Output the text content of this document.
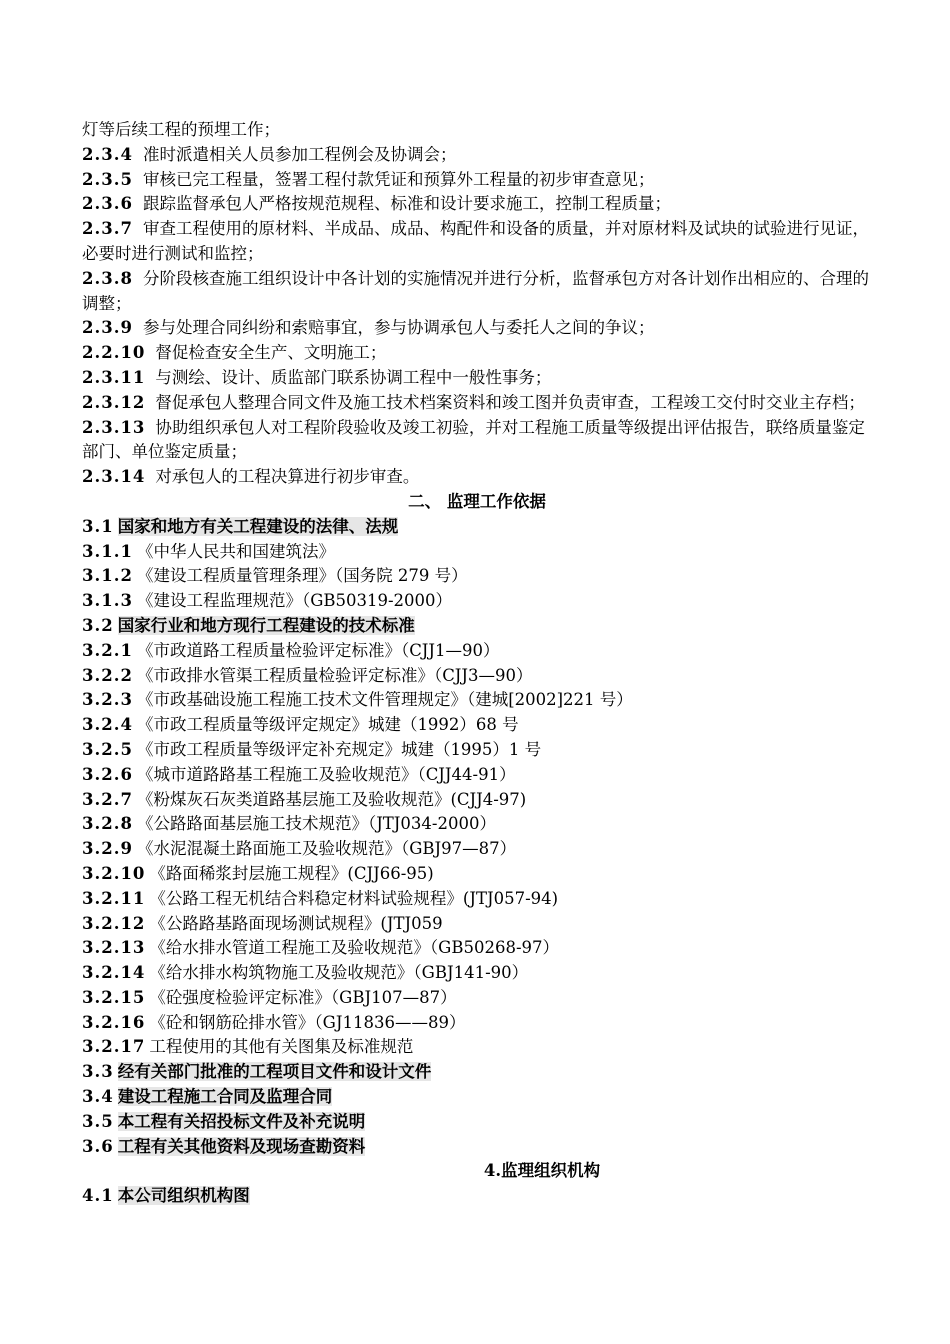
灯等后续工程的预埋工作；
2.3.4 准时派遣相关人员参加工程例会及协调会；
2.3.5 审核已完工程量，签署工程付款凭证和预算外工程量的初步审查意见；
2.3.6 跟踪监督承包人严格按规范规程、标准和设计要求施工，控制工程质量；
2.3.7 审查工程使用的原材料、半成品、成品、构配件和设备的质量，并对原材料及试块的试验进行见证，必要时进行测试和监控；
2.3.8 分阶段核查施工组织设计中各计划的实施情况并进行分析，监督承包方对各计划作出相应的、合理的调整；
2.3.9 参与处理合同纠纷和索赔事宜，参与协调承包人与委托人之间的争议；
2.2.10 督促检查安全生产、文明施工；
2.3.11 与测绘、设计、质监部门联系协调工程中一般性事务；
2.3.12 督促承包人整理合同文件及施工技术档案资料和竣工图并负责审查，工程竣工交付时交业主存档；
2.3.13 协助组织承包人对工程阶段验收及竣工初验，并对工程施工质量等级提出评估报告，联络质量鉴定部门、单位鉴定质量；
2.3.14 对承包人的工程决算进行初步审查。
二、 监理工作依据
3.1 国家和地方有关工程建设的法律、法规
3.1.1 《中华人民共和国建筑法》
3.1.2 《建设工程质量管理条理》（国务院 279 号）
3.1.3 《建设工程监理规范》（GB50319-2000）
3.2 国家行业和地方现行工程建设的技术标准
3.2.1 《市政道路工程质量检验评定标准》（CJJ1—90）
3.2.2 《市政排水管渠工程质量检验评定标准》（CJJ3—90）
3.2.3 《市政基础设施工程施工技术文件管理规定》（建城[2002]221 号）
3.2.4 《市政工程质量等级评定规定》城建（1992）68 号
3.2.5 《市政工程质量等级评定补充规定》城建（1995）1 号
3.2.6 《城市道路路基工程施工及验收规范》（CJJ44-91）
3.2.7 《粉煤灰石灰类道路基层施工及验收规范》(CJJ4-97)
3.2.8 《公路路面基层施工技术规范》（JTJ034-2000）
3.2.9 《水泥混凝土路面施工及验收规范》（GBJ97—87）
3.2.10 《路面稀浆封层施工规程》(CJJ66-95)
3.2.11 《公路工程无机结合料稳定材料试验规程》(JTJ057-94)
3.2.12 《公路路基路面现场测试规程》(JTJ059
3.2.13 《给水排水管道工程施工及验收规范》（GB50268-97）
3.2.14 《给水排水构筑物施工及验收规范》（GBJ141-90）
3.2.15 《砼强度检验评定标准》（GBJ107—87）
3.2.16 《砼和钢筋砼排水管》（GJ11836——89）
3.2.17 工程使用的其他有关图集及标准规范
3.3 经有关部门批准的工程项目文件和设计文件
3.4 建设工程施工合同及监理合同
3.5 本工程有关招投标文件及补充说明
3.6 工程有关其他资料及现场查勘资料
4.监理组织机构
4.1 本公司组织机构图
